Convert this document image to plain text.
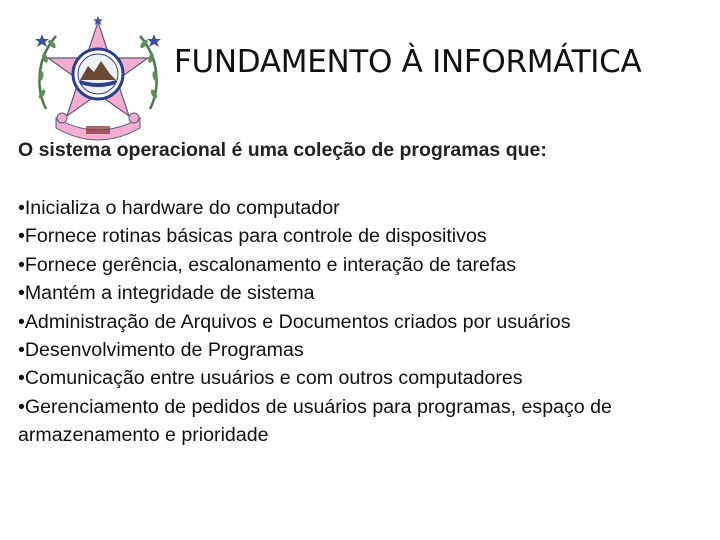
FUNDAMENTO À INFORMÁTICA
O sistema operacional é uma coleção de programas que:
•Inicializa o hardware do computador
•Fornece rotinas básicas para controle de dispositivos
•Fornece gerência, escalonamento e interação de tarefas
•Mantém a integridade de sistema
•Administração de Arquivos e Documentos criados por usuários
•Desenvolvimento de Programas
•Comunicação entre usuários e com outros computadores
•Gerenciamento de pedidos de usuários para programas, espaço de armazenamento e prioridade
